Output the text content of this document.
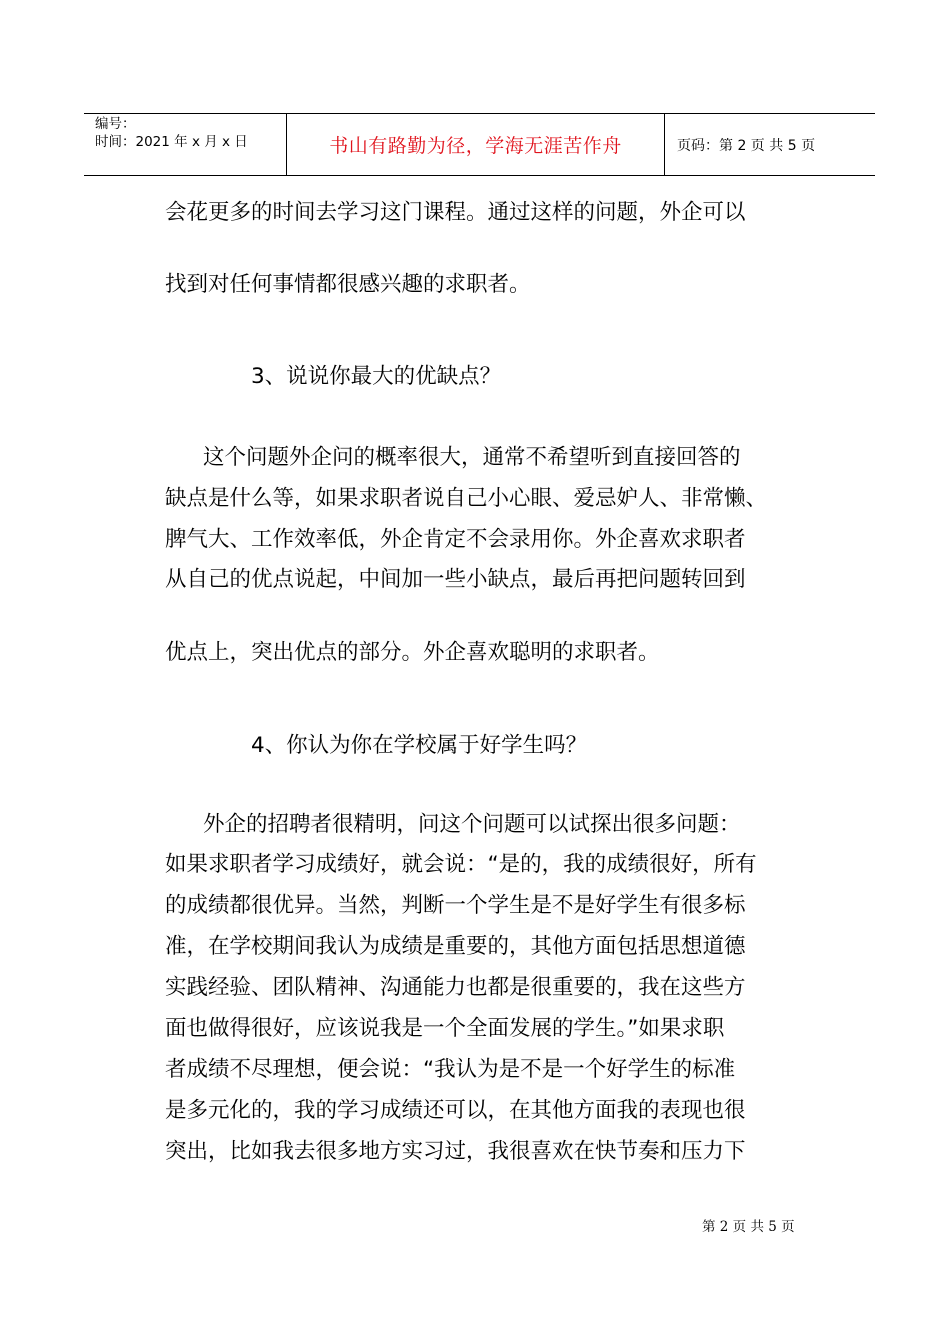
编号：
时间：2021 年 x 月 x 日	书山有路勤为径，学海无涯苦作舟	页码：第 2 页 共 5 页
会花更多的时间去学习这门课程。通过这样的问题，外企可以
找到对任何事情都很感兴趣的求职者。
3、说说你最大的优缺点？
这个问题外企问的概率很大，通常不希望听到直接回答的
缺点是什么等，如果求职者说自己小心眼、爱忌妒人、非常懒、
脾气大、工作效率低，外企肯定不会录用你。外企喜欢求职者
从自己的优点说起，中间加一些小缺点，最后再把问题转回到
优点上，突出优点的部分。外企喜欢聪明的求职者。
4、你认为你在学校属于好学生吗？
外企的招聘者很精明，问这个问题可以试探出很多问题：
如果求职者学习成绩好，就会说：“是的，我的成绩很好，所有
的成绩都很优异。当然，判断一个学生是不是好学生有很多标
准，在学校期间我认为成绩是重要的，其他方面包括思想道德
实践经验、团队精神、沟通能力也都是很重要的，我在这些方
面也做得很好，应该说我是一个全面发展的学生。”如果求职
者成绩不尽理想，便会说：“我认为是不是一个好学生的标准
是多元化的，我的学习成绩还可以，在其他方面我的表现也很
突出，比如我去很多地方实习过，我很喜欢在快节奏和压力下
第 2 页 共 5 页
